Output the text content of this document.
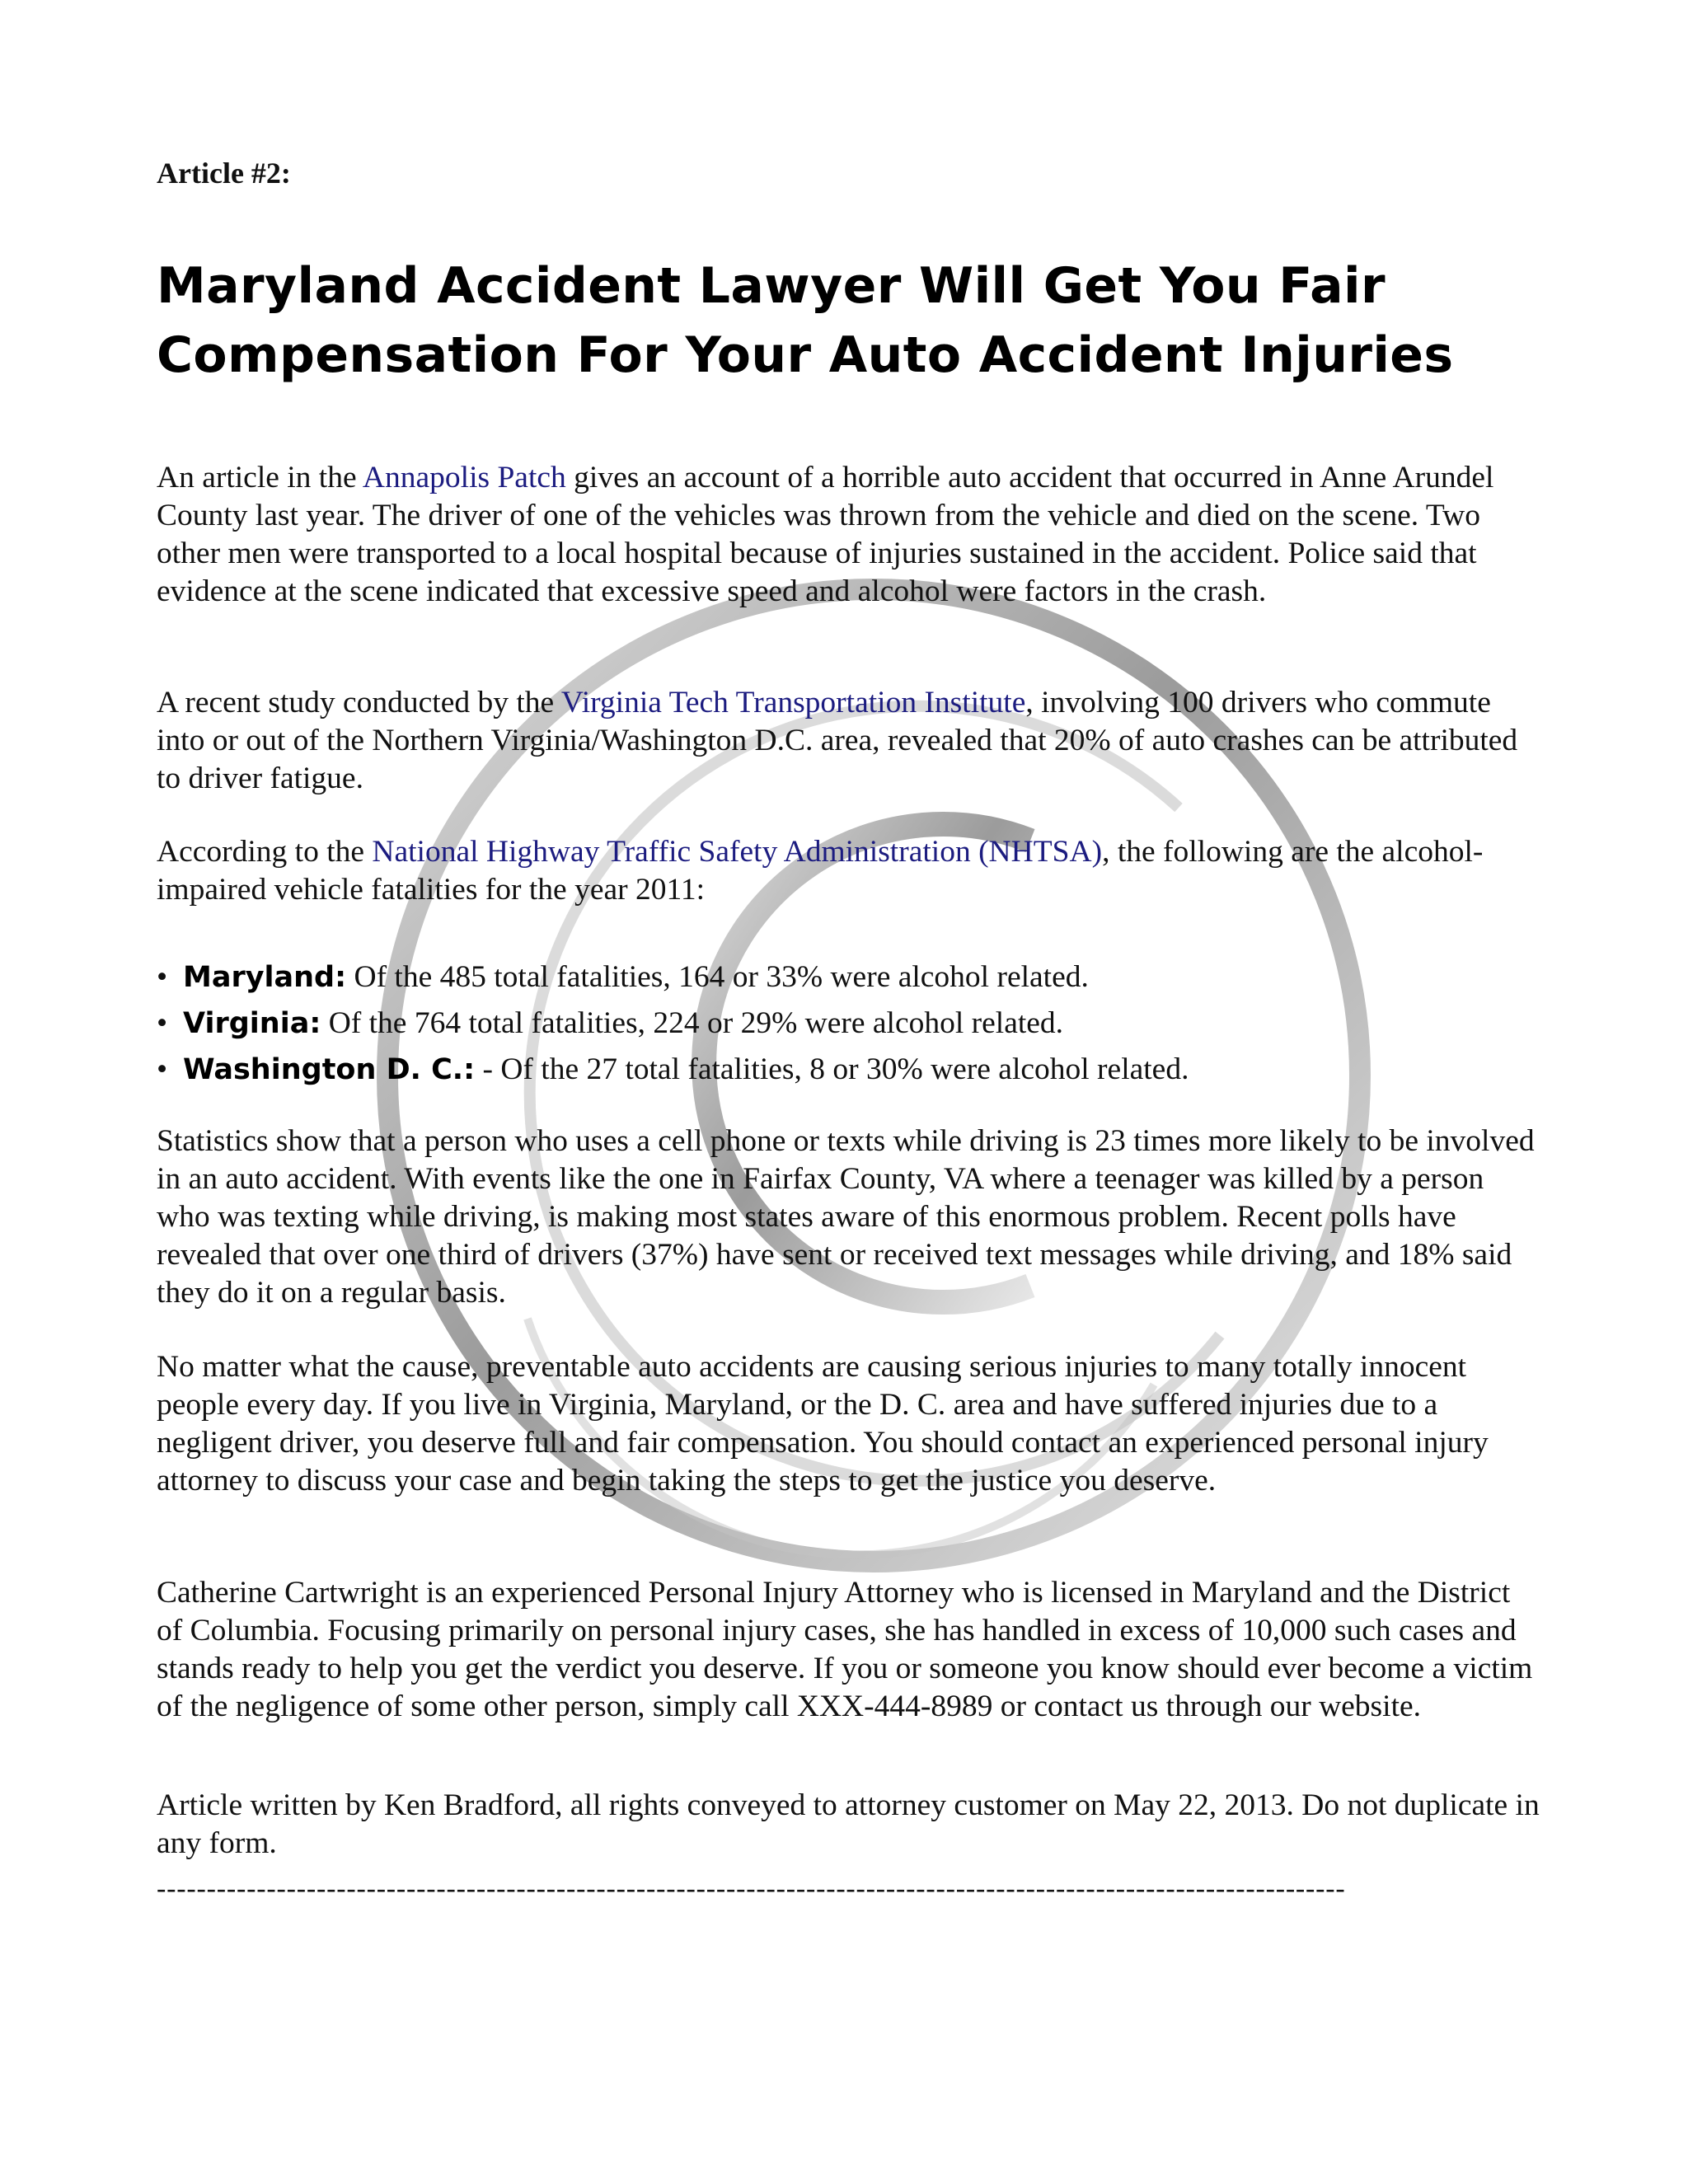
Article #2:

Maryland Accident Lawyer Will Get You Fair
Compensation For Your Auto Accident Injuries

An article in the Annapolis Patch gives an account of a horrible auto accident that occurred in Anne Arundel County last year. The driver of one of the vehicles was thrown from the vehicle and died on the scene. Two other men were transported to a local hospital because of injuries sustained in the accident. Police said that evidence at the scene indicated that excessive speed and alcohol were factors in the crash.

A recent study conducted by the Virginia Tech Transportation Institute, involving 100 drivers who commute into or out of the Northern Virginia/Washington D.C. area, revealed that 20% of auto crashes can be attributed to driver fatigue.

According to the National Highway Traffic Safety Administration (NHTSA), the following are the alcohol-impaired vehicle fatalities for the year 2011:

• Maryland: Of the 485 total fatalities, 164 or 33% were alcohol related.
• Virginia: Of the 764 total fatalities, 224 or 29% were alcohol related.
• Washington D. C.: - Of the 27 total fatalities, 8 or 30% were alcohol related.

Statistics show that a person who uses a cell phone or texts while driving is 23 times more likely to be involved in an auto accident. With events like the one in Fairfax County, VA where a teenager was killed by a person who was texting while driving, is making most states aware of this enormous problem. Recent polls have revealed that over one third of drivers (37%) have sent or received text messages while driving, and 18% said they do it on a regular basis.

No matter what the cause, preventable auto accidents are causing serious injuries to many totally innocent people every day. If you live in Virginia, Maryland, or the D. C. area and have suffered injuries due to a negligent driver, you deserve full and fair compensation. You should contact an experienced personal injury attorney to discuss your case and begin taking the steps to get the justice you deserve.

Catherine Cartwright is an experienced Personal Injury Attorney who is licensed in Maryland and the District of Columbia. Focusing primarily on personal injury cases, she has handled in excess of 10,000 such cases and stands ready to help you get the verdict you deserve. If you or someone you know should ever become a victim of the negligence of some other person, simply call XXX-444-8989 or contact us through our website.

Article written by Ken Bradford, all rights conveyed to attorney customer on May 22, 2013. Do not duplicate in any form.

-----------------------------------------------------------------------------------------------------------------------
